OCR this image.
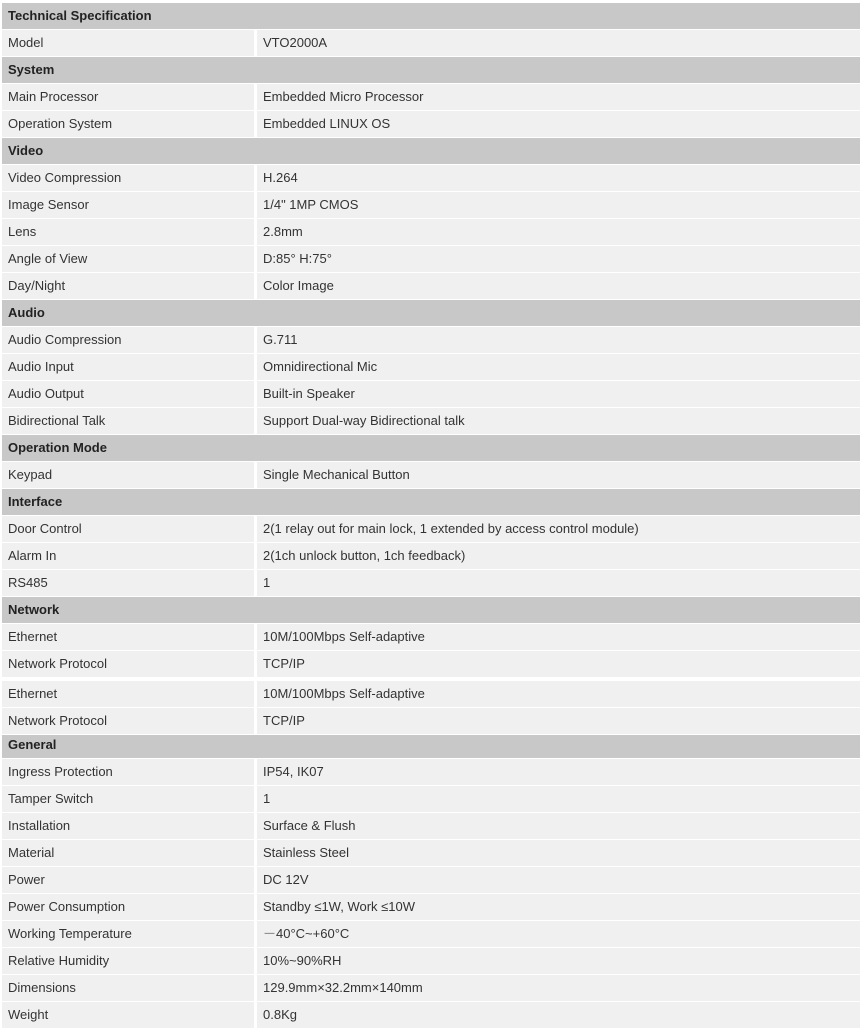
Technical Specification
Model	VTO2000A
System
Main Processor	Embedded Micro Processor
Operation System	Embedded LINUX OS
Video
Video Compression	H.264
Image Sensor	1/4" 1MP CMOS
Lens	2.8mm
Angle of View	D:85° H:75°
Day/Night	Color Image
Audio
Audio Compression	G.711
Audio Input	Omnidirectional Mic
Audio Output	Built-in Speaker
Bidirectional Talk	Support Dual-way Bidirectional talk
Operation Mode
Keypad	Single Mechanical Button
Interface
Door Control	2(1 relay out for main lock, 1 extended by access control module)
Alarm In	2(1ch unlock button, 1ch feedback)
RS485	1
Network
Ethernet	10M/100Mbps Self-adaptive
Network Protocol	TCP/IP
Ethernet	10M/100Mbps Self-adaptive
Network Protocol	TCP/IP
General
Ingress Protection	IP54, IK07
Tamper Switch	1
Installation	Surface & Flush
Material	Stainless Steel
Power	DC 12V
Power Consumption	Standby ≤1W, Work ≤10W
Working Temperature	－40°C~+60°C
Relative Humidity	10%~90%RH
Dimensions	129.9mm×32.2mm×140mm
Weight	0.8Kg
